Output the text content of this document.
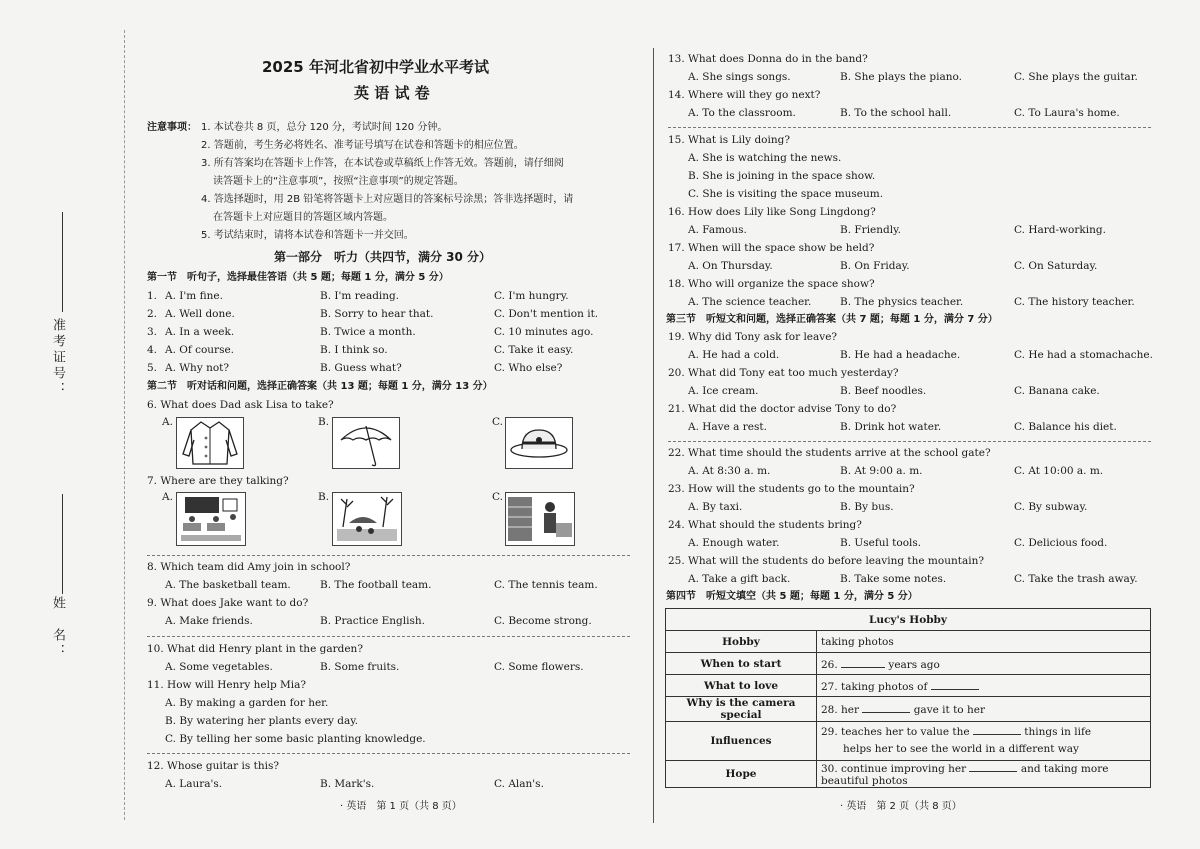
准考证号：
姓　名：
2025 年河北省初中学业水平考试
英 语 试 卷
注意事项： 1. 本试卷共 8 页，总分 120 分，考试时间 120 分钟。
2. 答题前，考生务必将姓名、准考证号填写在试卷和答题卡的相应位置。
3. 所有答案均在答题卡上作答，在本试卷或草稿纸上作答无效。答题前，请仔细阅
读答题卡上的“注意事项”，按照“注意事项”的规定答题。
4. 答选择题时，用 2B 铅笔将答题卡上对应题目的答案标号涂黑；答非选择题时，请
在答题卡上对应题目的答题区域内答题。
5. 考试结束时，请将本试卷和答题卡一并交回。
第一部分　听力（共四节，满分 30 分）
第一节　听句子，选择最佳答语（共 5 题；每题 1 分，满分 5 分）
1. A. I'm fine.	B. I'm reading.	C. I'm hungry.
2. A. Well done.	B. Sorry to hear that.	C. Don't mention it.
3. A. In a week.	B. Twice a month.	C. 10 minutes ago.
4. A. Of course.	B. I think so.	C. Take it easy.
5. A. Why not?	B. Guess what?	C. Who else?
第二节　听对话和问题，选择正确答案（共 13 题；每题 1 分，满分 13 分）
6. What does Dad ask Lisa to take?
A.	B.	C.
7. Where are they talking?
A.	B.	C.
8. Which team did Amy join in school?
A. The basketball team.	B. The football team.	C. The tennis team.
9. What does Jake want to do?
A. Make friends.	B. Practice English.	C. Become strong.
10. What did Henry plant in the garden?
A. Some vegetables.	B. Some fruits.	C. Some flowers.
11. How will Henry help Mia?
A. By making a garden for her.
B. By watering her plants every day.
C. By telling her some basic planting knowledge.
12. Whose guitar is this?
A. Laura's.	B. Mark's.	C. Alan's.
· 英语　第 1 页（共 8 页）
13. What does Donna do in the band?
A. She sings songs.	B. She plays the piano.	C. She plays the guitar.
14. Where will they go next?
A. To the classroom.	B. To the school hall.	C. To Laura's home.
15. What is Lily doing?
A. She is watching the news.
B. She is joining in the space show.
C. She is visiting the space museum.
16. How does Lily like Song Lingdong?
A. Famous.	B. Friendly.	C. Hard-working.
17. When will the space show be held?
A. On Thursday.	B. On Friday.	C. On Saturday.
18. Who will organize the space show?
A. The science teacher.	B. The physics teacher.	C. The history teacher.
第三节　听短文和问题，选择正确答案（共 7 题；每题 1 分，满分 7 分）
19. Why did Tony ask for leave?
A. He had a cold.	B. He had a headache.	C. He had a stomachache.
20. What did Tony eat too much yesterday?
A. Ice cream.	B. Beef noodles.	C. Banana cake.
21. What did the doctor advise Tony to do?
A. Have a rest.	B. Drink hot water.	C. Balance his diet.
22. What time should the students arrive at the school gate?
A. At 8:30 a. m.	B. At 9:00 a. m.	C. At 10:00 a. m.
23. How will the students go to the mountain?
A. By taxi.	B. By bus.	C. By subway.
24. What should the students bring?
A. Enough water.	B. Useful tools.	C. Delicious food.
25. What will the students do before leaving the mountain?
A. Take a gift back.	B. Take some notes.	C. Take the trash away.
第四节　听短文填空（共 5 题；每题 1 分，满分 5 分）
Lucy's Hobby	
Hobby	taking photos
When to start	26. years ago
What to love	27. taking photos of
Why is the camera special	28. her gave it to her
Influences	29. teaches her to value the things in life
helps her to see the world in a different way
Hope	30. continue improving her and taking more beautiful photos
· 英语　第 2 页（共 8 页）
